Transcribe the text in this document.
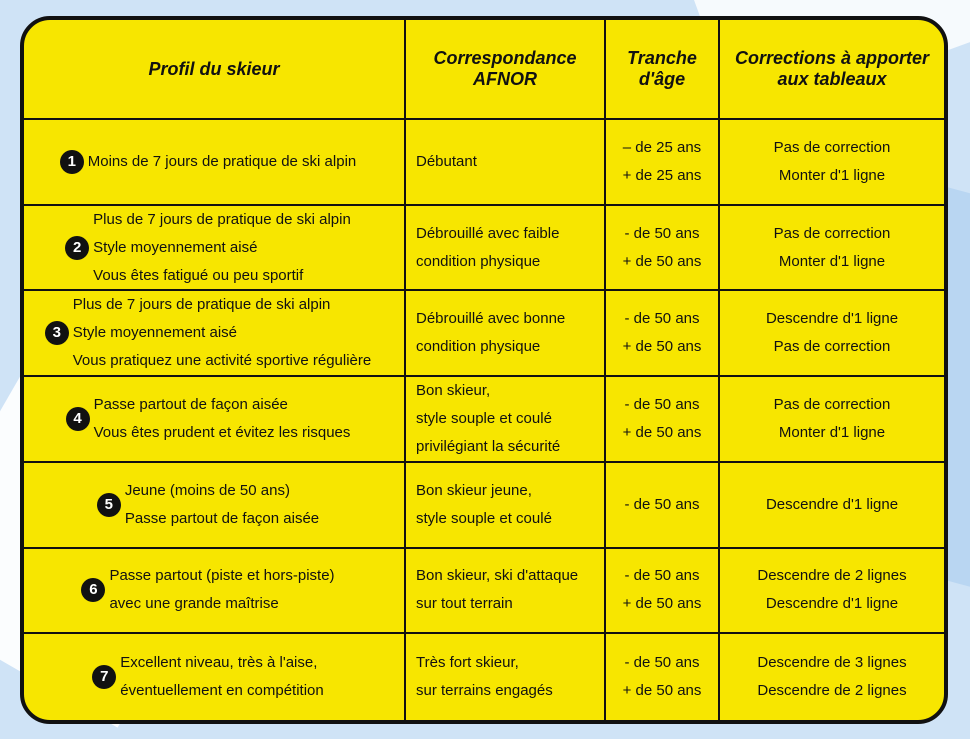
Profil du skieur
Correspondance
AFNOR
Tranche
d'âge
Corrections à apporter
aux tableaux
1 Moins de 7 jours de pratique de ski alpin	Débutant
– de 25 ans
+ de 25 ans
Pas de correction
Monter d'1 ligne
2
Plus de 7 jours de pratique de ski alpin
Style moyennement aisé
Vous êtes fatigué ou peu sportif
Débrouillé avec faible
condition physique
- de 50 ans
+ de 50 ans
Pas de correction
Monter d'1 ligne
3
Plus de 7 jours de pratique de ski alpin
Style moyennement aisé
Vous pratiquez une activité sportive régulière
Débrouillé avec bonne
condition physique
- de 50 ans
+ de 50 ans
Descendre d'1 ligne
Pas de correction
4
Passe partout de façon aisée
Vous êtes prudent et évitez les risques
Bon skieur,
style souple et coulé
privilégiant la sécurité
- de 50 ans
+ de 50 ans
Pas de correction
Monter d'1 ligne
5
Jeune (moins de 50 ans)
Passe partout de façon aisée
Bon skieur jeune,
style souple et coulé
- de 50 ans	Descendre d'1 ligne
6
Passe partout (piste et hors-piste)
avec une grande maîtrise
Bon skieur, ski d'attaque
sur tout terrain
- de 50 ans
+ de 50 ans
Descendre de 2 lignes
Descendre d'1 ligne
7
Excellent niveau, très à l'aise,
éventuellement en compétition
Très fort skieur,
sur terrains engagés
- de 50 ans
+ de 50 ans
Descendre de 3 lignes
Descendre de 2 lignes
